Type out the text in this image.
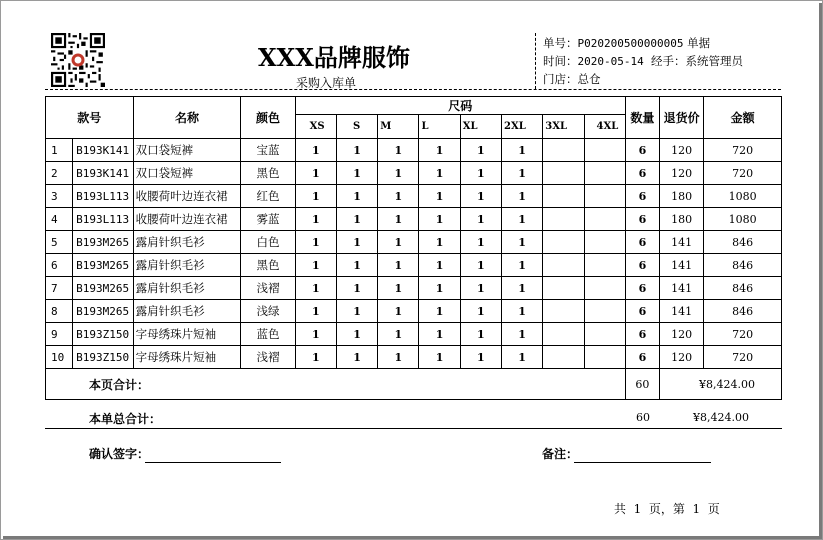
XXX品牌服饰
采购入库单
单号：P020200500000005 单据
时间：2020-05-14 经手：系统管理员
门店：总仓
款号		名称	颜色	尺码								数量	退货价	金额
				XS	S	M	L	XL	2XL	3XL	4XL			
1	B193K141	双口袋短裤	宝蓝	1	1	1	1	1	1			6	120	720
2	B193K141	双口袋短裤	黑色	1	1	1	1	1	1			6	120	720
3	B193L113	收腰荷叶边连衣裙	红色	1	1	1	1	1	1			6	180	1080
4	B193L113	收腰荷叶边连衣裙	雾蓝	1	1	1	1	1	1			6	180	1080
5	B193M265	露肩针织毛衫	白色	1	1	1	1	1	1			6	141	846
6	B193M265	露肩针织毛衫	黑色	1	1	1	1	1	1			6	141	846
7	B193M265	露肩针织毛衫	浅褶	1	1	1	1	1	1			6	141	846
8	B193M265	露肩针织毛衫	浅绿	1	1	1	1	1	1			6	141	846
9	B193Z150	字母绣珠片短袖	蓝色	1	1	1	1	1	1			6	120	720
10	B193Z150	字母绣珠片短袖	浅褶	1	1	1	1	1	1			6	120	720
本页合计：												60	¥8,424.00	
本单总合计：	60	¥8,424.00
确认签字：	备注：
共  1  页，第  1  页
